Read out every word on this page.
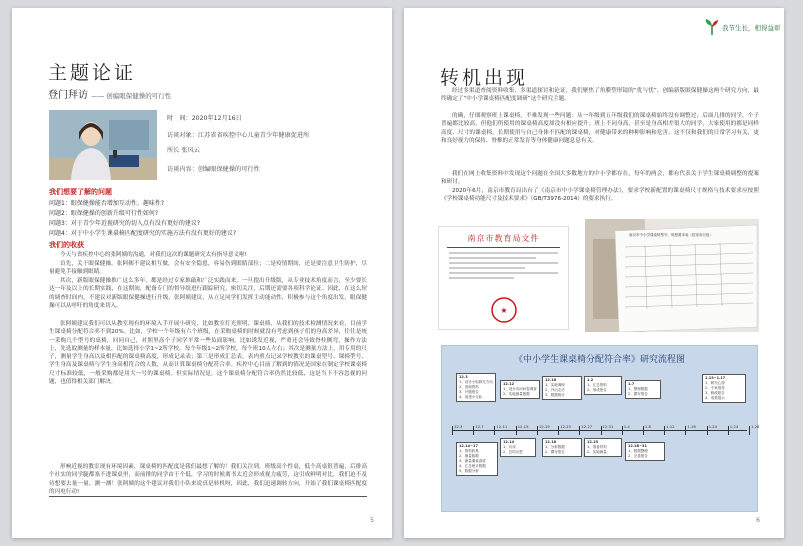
主题论证
登门拜访 —— 创编眼保健操的可行性
时　间：2020年12月16日
访谈对象：江苏省省疾控中心儿童青少年健康促进所
所长 张风云
访谈内容：创编眼保健操的可行性
我们想要了解的问题
问题1：眼保健操能否增加互动性、趣味性?
问题2：眼保健操的创新升级可行性如何?
问题3：对于青少年近视研究的切入点有没有更好的建议?
问题4：对于中小学生课桌椅匹配度研究的实施方法有没有更好的建议?
我们的收获
今天与省疾控中心的张阿姨的沟通，对我们这次的课题研究太有指导意义啦!
首先，关于眼保健操。张阿姨不建议相互做，会有安全隐患，容易伤到眼睛部位；二是疫情期间，还是要注意卫生防护，尽量避免手接触到眼睛。
其次，新版眼保健操推广这么多年，都是经过专家推敲和广泛实践而来，一旦提出升级版，从专业技术角度而言，至少要长达一年及以上的长期实践，在这期间，配备专门的督导组进行跟踪研究，密切关注，后期还需要各项科学论证。因此，在这么短的调查时间内，不建议对新版眼保健操进行升级，张阿姨建议，从立足同学们发挥主动能动性，积极参与这个角度出发，眼保健操可以从呼吁的角度来切入。
张阿姨建议我们可以从教室现有的环境入手开展小研究，比如教室灯光照明、课桌椅，从我们的技术检测情况来看，目前学生课桌椅分配符合率不到20%。比如，学校一个年级有六个班级，在采购桌椅的时候就没有考虑到孩子们的身高差异，往往是统一采购几个型号的桌椅，问问自己，对照里高个子同学平常一些负面影响，比如诱发近视，严重还会导致脊柱侧弯，操作方法上，先选取测量的样本量，比如选择小学1~2所学校，每个年级1~2所学校，每个班10人左右；其次是测量方法上，用专用的尺子，测量学生身高以及相匹配的课桌椅高度，形成记录表；第三是形成汇总表，表内重点记录学校教室的课桌型号、课椅型号、学生身高及课桌椅与学生身高相符合的人数，从而计算课桌椅分配符合率。疾控中心目前了解到的情况是国家在制定学校课桌椅尺寸标准较低，一般采购都是用大一号的课桌椅。但实际情况是，这个课桌椅分配符合率仍然比较低，这是当下不容忽视的问题，也值得相关部门解决。
形响近视的教室现有环境因素，课桌椅的匹配度是我们最想了解的！我们关注到，班级高个性桌，低个高桌很普遍，后排高个社实的同学腿都塞不进课桌里，而前排的同学由于个低，学习的时候离书太近会形成视力疲劳，这引成鲜明对比，我们迫不及待想要去量一量、测一测！张阿姨的这个建议对我们小队来说真是转机呀，因此，我们迅速调转方向，开始了我们课桌椅匹配度的闪电行动!
5
我节生长，相得益彰
转机出现
经过多渠道查阅资料收集、多渠道探讨和论证，我们聚焦了角膜塑形镜的“优与忧”、创编新版眼保健操这两个研究方向，最终确定了“中小学课桌椅匹配度调研”这个研究主题。
的确，仔细观察班上课桌椅，不难发现一些问题：从一年级到五年级我们的课桌椅始终没有调整过；后面几排的同学，个子普遍都比较高，但他们所使用的课桌椅高度却没有相应提升；班上不同身高，甚至是身高相差很大的同学，大家使用的都是同样高度、尺寸的课桌椅，长期使用与自己身体不匹配的课桌椅，对健康带来的种种影响和危害，这不仅和我们的日常学习有关，更和良好视力的保持、脊椎的正常发育等身体健康问题息息有关。
我们在网上收集资料中发现这个问题在全国大多数地方的中小学都存在，每年的两会，都有代表关于学生课桌椅调整的提案和研讨。
2020年6月，南京市教育局出台了《南京市中小学课桌椅管理办法》，要求学校新配置的课桌椅尺寸规格与技术要求应按照《学校课桌椅功能尺寸及技术要求》（GB/T3976-2014）的要求执行。
南京市教育局文件
★
南京市中小学课桌椅型号、规格要求表（按身高分组）
《中小学生课桌椅分配符合率》研究流程图
12.3	12.7	12.11	12.15	12.19	12.23	12.27	12.31	1.4	1.8	1.12	1.16	1.20	1.24	1.28
12.3
1、设计小组研究方向
2、查阅资料
3、开题报告
4、组建小分队
12.12
1、设计访问问卷调查
2、实地测量数据
12.16
1、实地调研
2、外出走访
3、数据统计
1.2
1、汇总资料
2、形成报告
1.7
1、整理数据
2、撰写报告
1.15~1.17
1、研究心得
2、专家指导
3、修改报告
4、成果展示
12.14
1、访谈
2、总结反思
12.18
1、分析数据
2、撰写报告
12.25
1、准备材料
2、实地测量
12.14~17
1、资料收集
2、测量数据
3、测量课桌高度
4、汇总统计数据
5、数据分析
12.28~31
1、数据整理
2、完善报告
6
